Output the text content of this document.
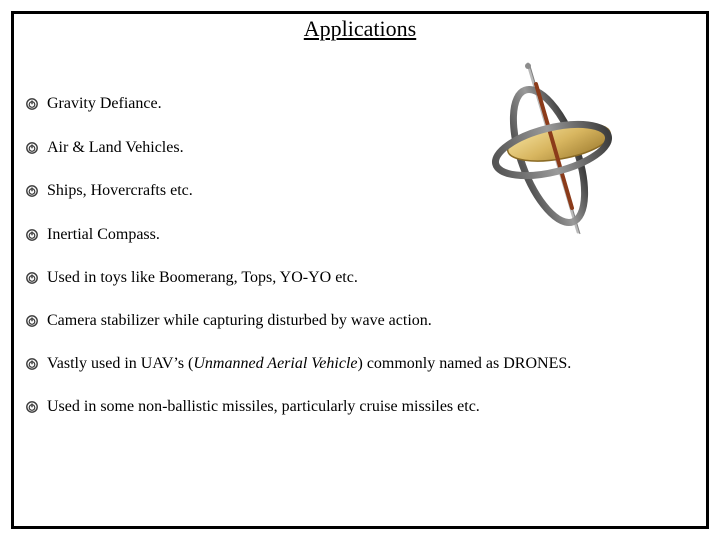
Applications
Gravity Defiance.
Air & Land Vehicles.
Ships, Hovercrafts etc.
Inertial Compass.
Used in toys like Boomerang, Tops, YO-YO etc.
Camera stabilizer while capturing disturbed by wave action.
Vastly used in UAV’s (Unmanned Aerial Vehicle) commonly named as DRONES.
Used in some non-ballistic missiles, particularly cruise missiles etc.
